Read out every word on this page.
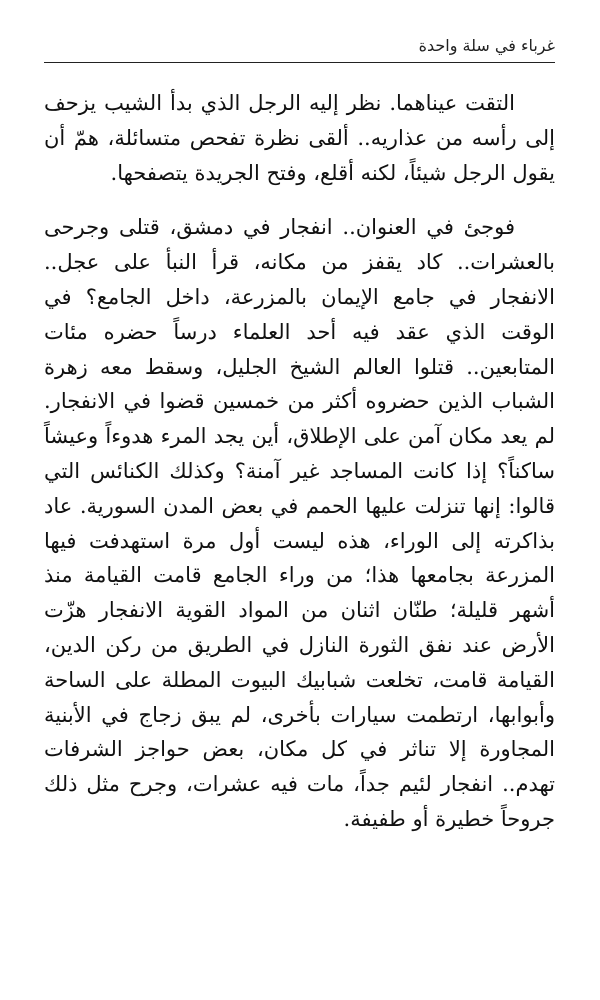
غرباء في سلة واحدة

التقت عيناهما. نظر إليه الرجل الذي بدأ الشيب يزحف إلى رأسه من عذاريه.. ألقى نظرة تفحص متسائلة، همّ أن يقول الرجل شيئاً، لكنه أقلع، وفتح الجريدة يتصفحها.

فوجئ في العنوان.. انفجار في دمشق، قتلى وجرحى بالعشرات.. كاد يقفز من مكانه، قرأ النبأ على عجل.. الانفجار في جامع الإيمان بالمزرعة، داخل الجامع؟ في الوقت الذي عقد فيه أحد العلماء درساً حضره مئات المتابعين.. قتلوا العالم الشيخ الجليل، وسقط معه زهرة الشباب الذين حضروه أكثر من خمسين قضوا في الانفجار. لم يعد مكان آمن على الإطلاق، أين يجد المرء هدوءاً وعيشاً ساكناً؟ إذا كانت المساجد غير آمنة؟ وكذلك الكنائس التي قالوا: إنها تنزلت عليها الحمم في بعض المدن السورية. عاد بذاكرته إلى الوراء، هذه ليست أول مرة استهدفت فيها المزرعة بجامعها هذا؛ من وراء الجامع قامت القيامة منذ أشهر قليلة؛ طنّان اثنان من المواد القوية الانفجار هزّت الأرض عند نفق الثورة النازل في الطريق من ركن الدين، القيامة قامت، تخلعت شبابيك البيوت المطلة على الساحة وأبوابها، ارتطمت سيارات بأخرى، لم يبق زجاج في الأبنية المجاورة إلا تناثر في كل مكان، بعض حواجز الشرفات تهدم.. انفجار لئيم جداً، مات فيه عشرات، وجرح مثل ذلك جروحاً خطيرة أو طفيفة.
